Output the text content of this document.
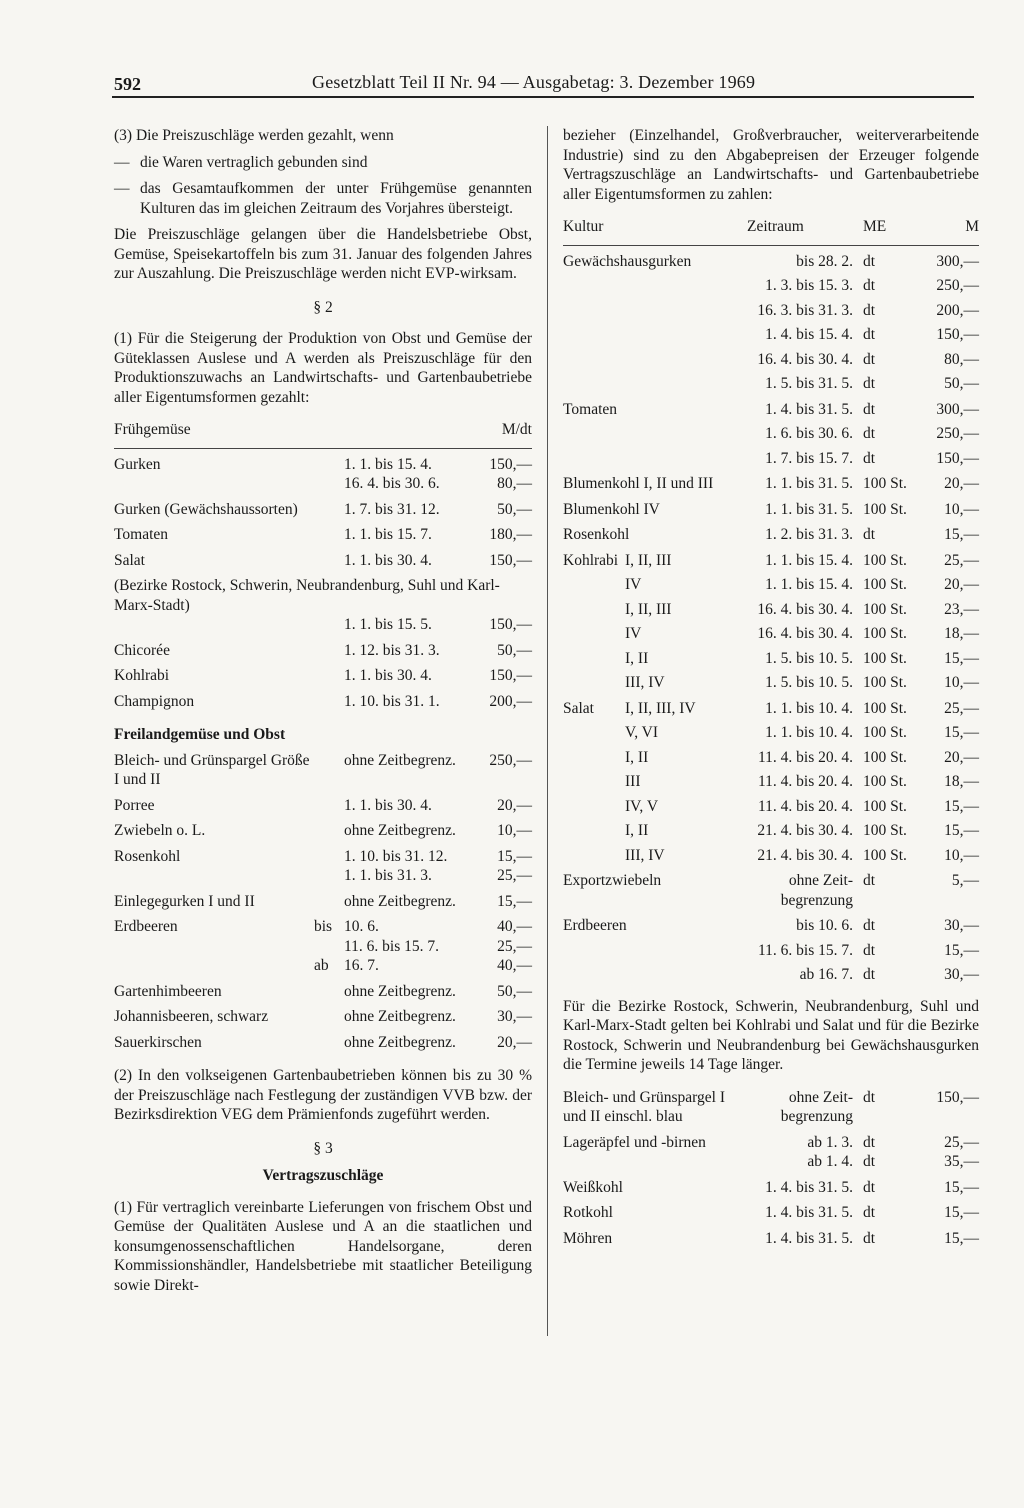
592	Gesetzblatt Teil II Nr. 94 — Ausgabetag: 3. Dezember 1969

(3) Die Preiszuschläge werden gezahlt, wenn

— die Waren vertraglich gebunden sind
— das Gesamtaufkommen der unter Frühgemüse genannten Kulturen das im gleichen Zeitraum des Vorjahres übersteigt.

Die Preiszuschläge gelangen über die Handelsbetriebe Obst, Gemüse, Speisekartoffeln bis zum 31. Januar des folgenden Jahres zur Auszahlung. Die Preiszuschläge werden nicht EVP-wirksam.

§ 2

(1) Für die Steigerung der Produktion von Obst und Gemüse der Güteklassen Auslese und A werden als Preiszuschläge für den Produktionszuwachs an Landwirtschafts- und Gartenbaubetriebe aller Eigentumsformen gezahlt:

Frühgemüse			M/dt
Gurken		1. 1. bis 15. 4.	150,—
		16. 4. bis 30. 6.	80,—
Gurken (Gewächshaussorten)		1. 7. bis 31. 12.	50,—
Tomaten		1. 1. bis 15. 7.	180,—
Salat		1. 1. bis 30. 4.	150,—
(Bezirke Rostock, Schwerin, Neubrandenburg, Suhl und Karl-Marx-Stadt)			
		1. 1. bis 15. 5.	150,—
Chicorée		1. 12. bis 31. 3.	50,—
Kohlrabi		1. 1. bis 30. 4.	150,—
Champignon		1. 10. bis 31. 1.	200,—
Freilandgemüse und Obst			
Bleich- und Grünspargel Größe I und II		ohne Zeitbegrenz.	250,—
Porree		1. 1. bis 30. 4.	20,—
Zwiebeln o. L.		ohne Zeitbegrenz.	10,—
Rosenkohl		1. 10. bis 31. 12.	15,—
		1. 1. bis 31. 3.	25,—
Einlegegurken I und II		ohne Zeitbegrenz.	15,—
Erdbeeren	bis	10. 6.	40,—
		11. 6. bis 15. 7.	25,—
	ab	16. 7.	40,—
Gartenhimbeeren		ohne Zeitbegrenz.	50,—
Johannisbeeren, schwarz		ohne Zeitbegrenz.	30,—
Sauerkirschen		ohne Zeitbegrenz.	20,—

(2) In den volkseigenen Gartenbaubetrieben können bis zu 30 % der Preiszuschläge nach Festlegung der zuständigen VVB bzw. der Bezirksdirektion VEG dem Prämienfonds zugeführt werden.

§ 3
Vertragszuschläge

(1) Für vertraglich vereinbarte Lieferungen von frischem Obst und Gemüse der Qualitäten Auslese und A an die staatlichen und konsumgenossenschaftlichen Handelsorgane, deren Kommissionshändler, Handelsbetriebe mit staatlicher Beteiligung sowie Direkt-

bezieher (Einzelhandel, Großverbraucher, weiterverarbeitende Industrie) sind zu den Abgabepreisen der Erzeuger folgende Vertragszuschläge an Landwirtschafts- und Gartenbaubetriebe aller Eigentumsformen zu zahlen:

Kultur		Zeitraum	ME	M
Gewächshausgurken		bis 28. 2.	dt	300,—
		1. 3. bis 15. 3.	dt	250,—
		16. 3. bis 31. 3.	dt	200,—
		1. 4. bis 15. 4.	dt	150,—
		16. 4. bis 30. 4.	dt	80,—
		1. 5. bis 31. 5.	dt	50,—
Tomaten		1. 4. bis 31. 5.	dt	300,—
		1. 6. bis 30. 6.	dt	250,—
		1. 7. bis 15. 7.	dt	150,—
Blumenkohl I, II und III		1. 1. bis 31. 5.	100 St.	20,—
Blumenkohl IV		1. 1. bis 31. 5.	100 St.	10,—
Rosenkohl		1. 2. bis 31. 3.	dt	15,—
Kohlrabi	I, II, III	1. 1. bis 15. 4.	100 St.	25,—
	IV	1. 1. bis 15. 4.	100 St.	20,—
	I, II, III	16. 4. bis 30. 4.	100 St.	23,—
	IV	16. 4. bis 30. 4.	100 St.	18,—
	I, II	1. 5. bis 10. 5.	100 St.	15,—
	III, IV	1. 5. bis 10. 5.	100 St.	10,—
Salat	I, II, III, IV	1. 1. bis 10. 4.	100 St.	25,—
	V, VI	1. 1. bis 10. 4.	100 St.	15,—
	I, II	11. 4. bis 20. 4.	100 St.	20,—
	III	11. 4. bis 20. 4.	100 St.	18,—
	IV, V	11. 4. bis 20. 4.	100 St.	15,—
	I, II	21. 4. bis 30. 4.	100 St.	15,—
	III, IV	21. 4. bis 30. 4.	100 St.	10,—
Exportzwiebeln		ohne Zeit- begrenzung	dt	5,—
Erdbeeren		bis 10. 6.	dt	30,—
		11. 6. bis 15. 7.	dt	15,—
		ab 16. 7.	dt	30,—

Für die Bezirke Rostock, Schwerin, Neubrandenburg, Suhl und Karl-Marx-Stadt gelten bei Kohlrabi und Salat und für die Bezirke Rostock, Schwerin und Neubrandenburg bei Gewächshausgurken die Termine jeweils 14 Tage länger.

Bleich- und Grünspargel I und II einschl. blau	ohne Zeit- begrenzung	dt	150,—
Lageräpfel und -birnen	ab 1. 3.	dt	25,—
	ab 1. 4.	dt	35,—
Weißkohl	1. 4. bis 31. 5.	dt	15,—
Rotkohl	1. 4. bis 31. 5.	dt	15,—
Möhren	1. 4. bis 31. 5.	dt	15,—
